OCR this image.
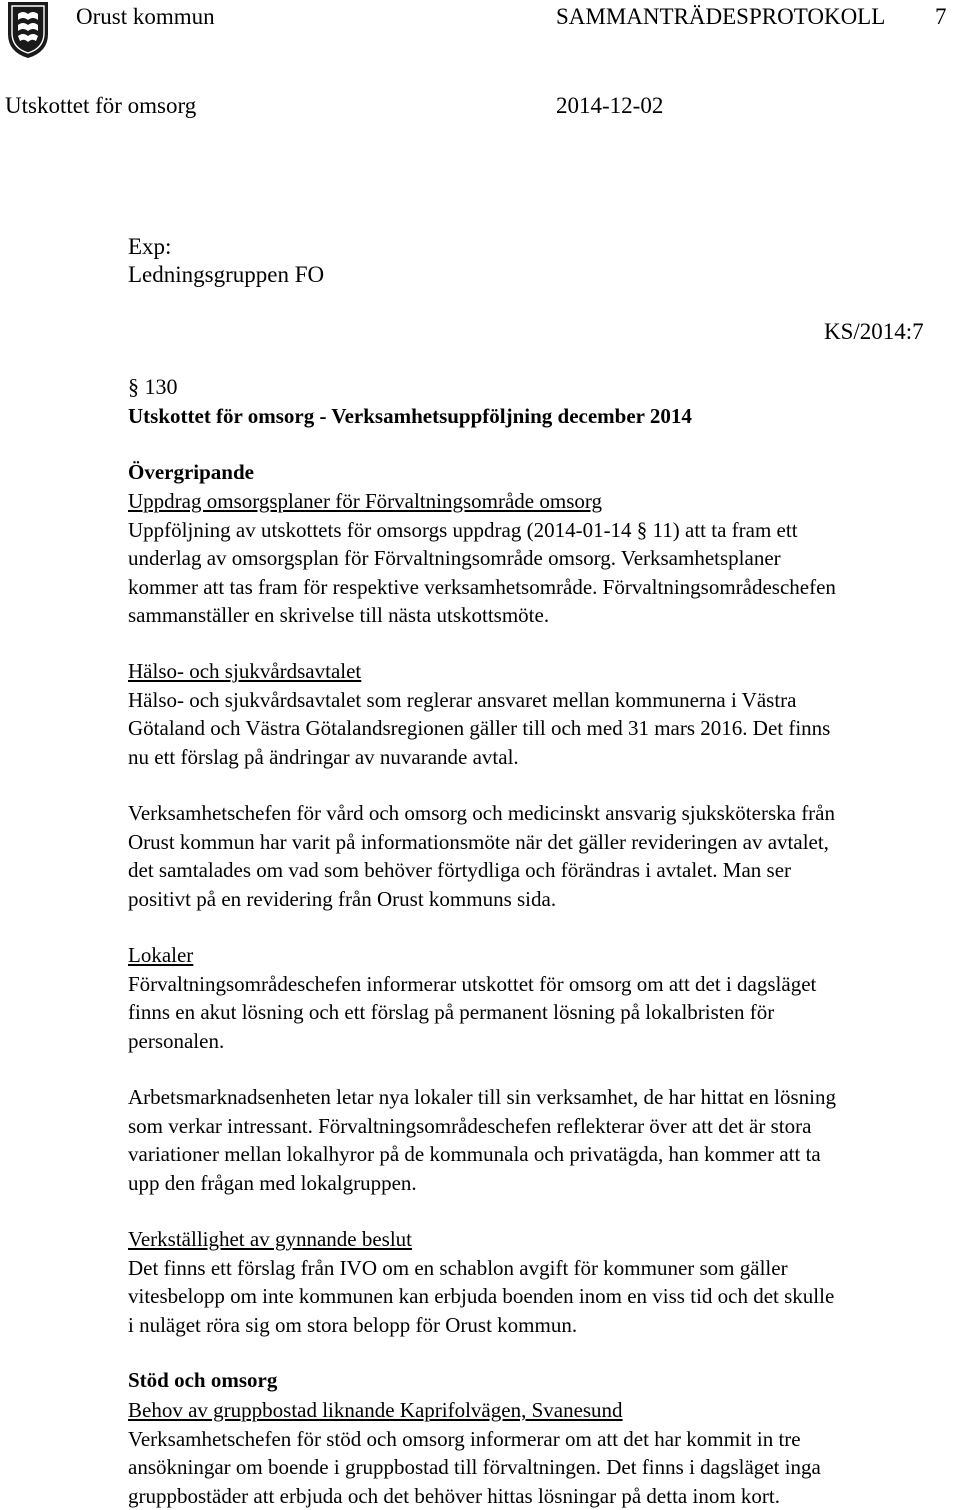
Orust kommun	SAMMANTRÄDESPROTOKOLL 7
Utskottet för omsorg	2014-12-02
Exp:
Ledningsgruppen FO
KS/2014:7
§ 130
Utskottet för omsorg - Verksamhetsuppföljning december 2014
Övergripande

Uppdrag omsorgsplaner för Förvaltningsområde omsorg

Uppföljning av utskottets för omsorgs uppdrag (2014-01-14 § 11) att ta fram ett

underlag av omsorgsplan för Förvaltningsområde omsorg. Verksamhetsplaner

kommer att tas fram för respektive verksamhetsområde. Förvaltningsområdeschefen

sammanställer en skrivelse till nästa utskottsmöte.

Hälso- och sjukvårdsavtalet

Hälso- och sjukvårdsavtalet som reglerar ansvaret mellan kommunerna i Västra

Götaland och Västra Götalandsregionen gäller till och med 31 mars 2016. Det finns

nu ett förslag på ändringar av nuvarande avtal.

Verksamhetschefen för vård och omsorg och medicinskt ansvarig sjuksköterska från

Orust kommun har varit på informationsmöte när det gäller revideringen av avtalet,

det samtalades om vad som behöver förtydliga och förändras i avtalet. Man ser

positivt på en revidering från Orust kommuns sida.

Lokaler

Förvaltningsområdeschefen informerar utskottet för omsorg om att det i dagsläget

finns en akut lösning och ett förslag på permanent lösning på lokalbristen för

personalen.

Arbetsmarknadsenheten letar nya lokaler till sin verksamhet, de har hittat en lösning

som verkar intressant. Förvaltningsområdeschefen reflekterar över att det är stora

variationer mellan lokalhyror på de kommunala och privatägda, han kommer att ta

upp den frågan med lokalgruppen.

Verkställighet av gynnande beslut

Det finns ett förslag från IVO om en schablon avgift för kommuner som gäller

vitesbelopp om inte kommunen kan erbjuda boenden inom en viss tid och det skulle

i nuläget röra sig om stora belopp för Orust kommun.

Stöd och omsorg

Behov av gruppbostad liknande Kaprifolvägen, Svanesund

Verksamhetschefen för stöd och omsorg informerar om att det har kommit in tre

ansökningar om boende i gruppbostad till förvaltningen. Det finns i dagsläget inga

gruppbostäder att erbjuda och det behöver hittas lösningar på detta inom kort.
